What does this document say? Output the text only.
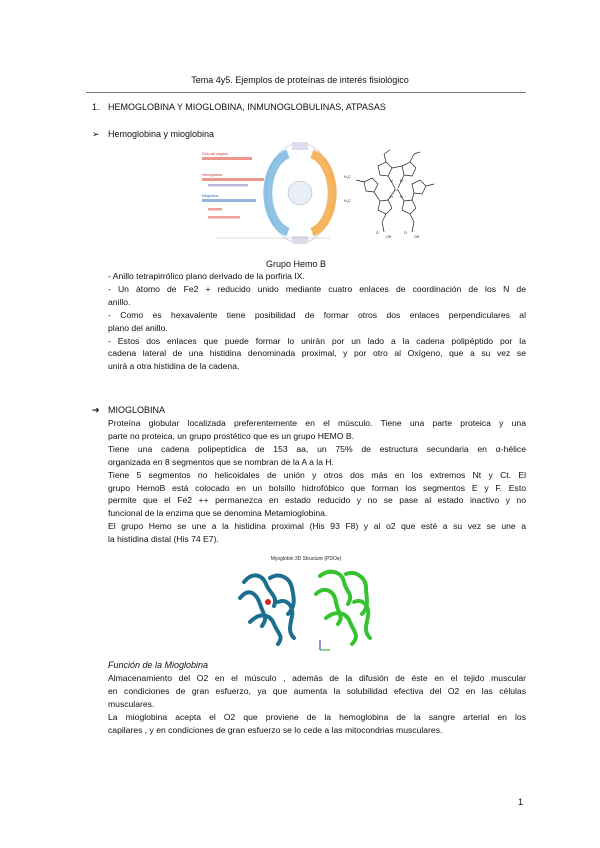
Tema 4y5. Ejemplos de proteínas de interés fisiológico
1. HEMOGLOBINA Y MIOGLOBINA, INMUNOGLOBULINAS, ATPASAS
➢ Hemoglobina y mioglobina
Ciclo del oxígeno
Hemoglobina
Mioglobina
H₃C
H₃C
Fe
N N
N N
OH	OH
O	O
Grupo Hemo B
- Anillo tetrapirrólico plano derivado de la porfiria IX.
- Un átomo de Fe2 + reducido unido mediante cuatro enlaces de coordinación de los N de
anillo.
- Como es hexavalente tiene posibilidad de formar otros dos enlaces perpendiculares al
plano del anillo.
- Estos dos enlaces que puede formar lo unirán por un lado a la cadena polipéptido por la
cadena lateral de una histidina denominada proximal, y por otro al Oxígeno, que a su vez se
unirá a otra histidina de la cadena.
➔ MIOGLOBINA
Proteína globular localizada preferentemente en el músculo. Tiene una parte proteica y una
parte no proteica, un grupo prostético que es un grupo HEMO B.
Tiene una cadena polipeptídica de 153 aa, un 75% de estructura secundaria en α-hélice
organizada en 8 segmentos que se nombran de la A a la H.
Tiene 5 segmentos no helicoidales de unión y otros dos más en los extremos Nt y Ct. El
grupo HemoB está colocado en un bolsillo hidrofóbico que forman los segmentos E y F. Esto
permite que el Fe2 ++ permanezca en estado reducido y no se pase al estado inactivo y no
funcional de la enzima que se denomina Metamioglobina.
El grupo Hemo se une a la histidina proximal (His 93 F8) y al o2 que esté a su vez se une a
la histidina distal (His 74 E7).
Myoglobin 3D Structure (PDOe)
Función de la Mioglobina
Almacenamiento del O2 en el músculo , además de la difusión de éste en el tejido muscular
en condiciones de gran esfuerzo, ya que aumenta la solubilidad efectiva del O2 en las células
musculares.
La mioglobina acepta el O2 que proviene de la hemoglobina de la sangre arterial en los
capilares , y en condiciones de gran esfuerzo se lo cede a las mitocondrias musculares.
1
